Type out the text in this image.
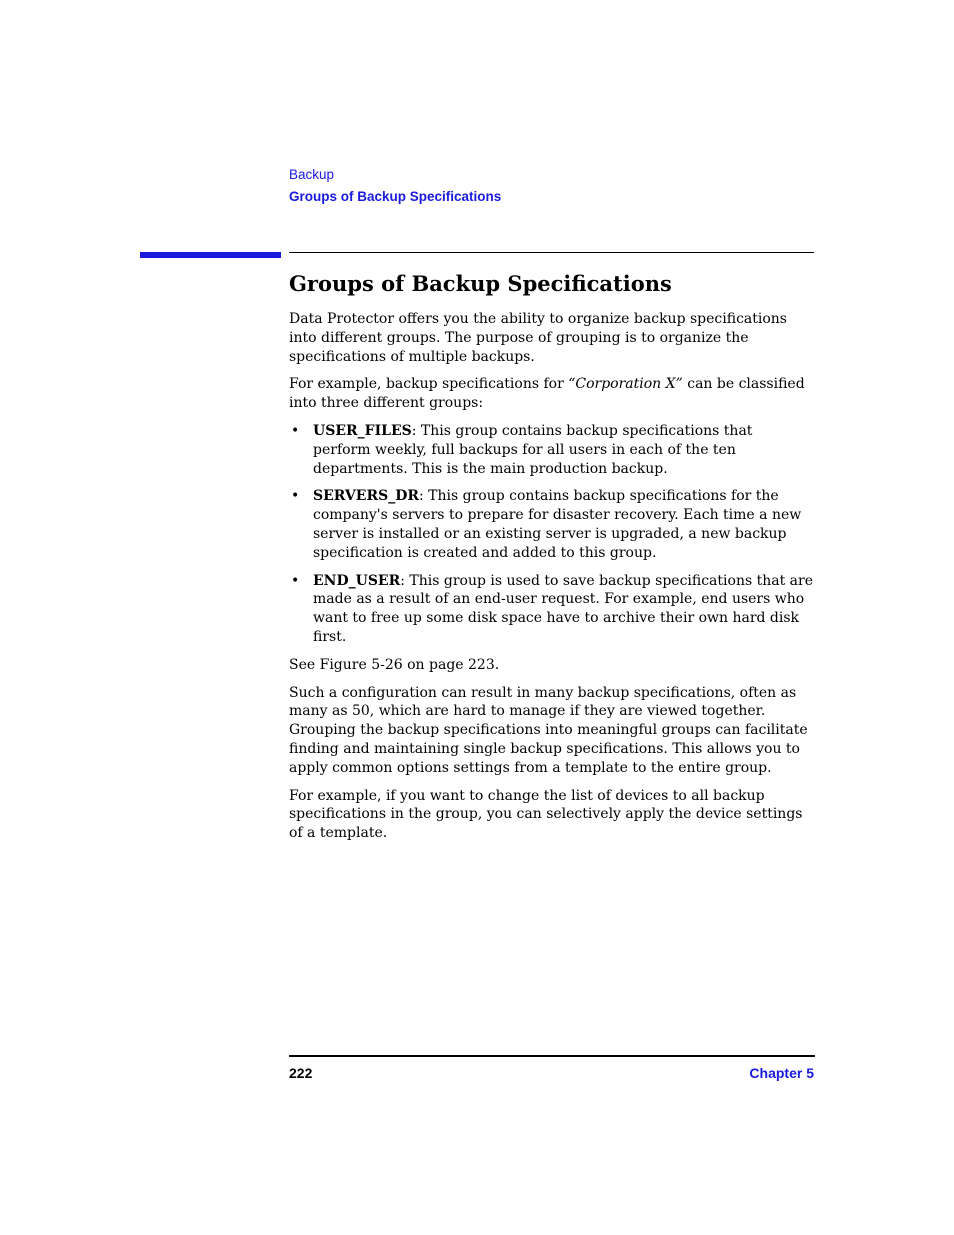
Backup
Groups of Backup Specifications
Groups of Backup Specifications

Data Protector offers you the ability to organize backup specifications into different groups. The purpose of grouping is to organize the specifications of multiple backups.

For example, backup specifications for “Corporation X” can be classified into three different groups:

• USER_FILES: This group contains backup specifications that perform weekly, full backups for all users in each of the ten departments. This is the main production backup.
• SERVERS_DR: This group contains backup specifications for the company's servers to prepare for disaster recovery. Each time a new server is installed or an existing server is upgraded, a new backup specification is created and added to this group.
• END_USER: This group is used to save backup specifications that are made as a result of an end-user request. For example, end users who want to free up some disk space have to archive their own hard disk first.

See Figure 5-26 on page 223.

Such a configuration can result in many backup specifications, often as many as 50, which are hard to manage if they are viewed together. Grouping the backup specifications into meaningful groups can facilitate finding and maintaining single backup specifications. This allows you to apply common options settings from a template to the entire group.

For example, if you want to change the list of devices to all backup specifications in the group, you can selectively apply the device settings of a template.

222	Chapter 5
